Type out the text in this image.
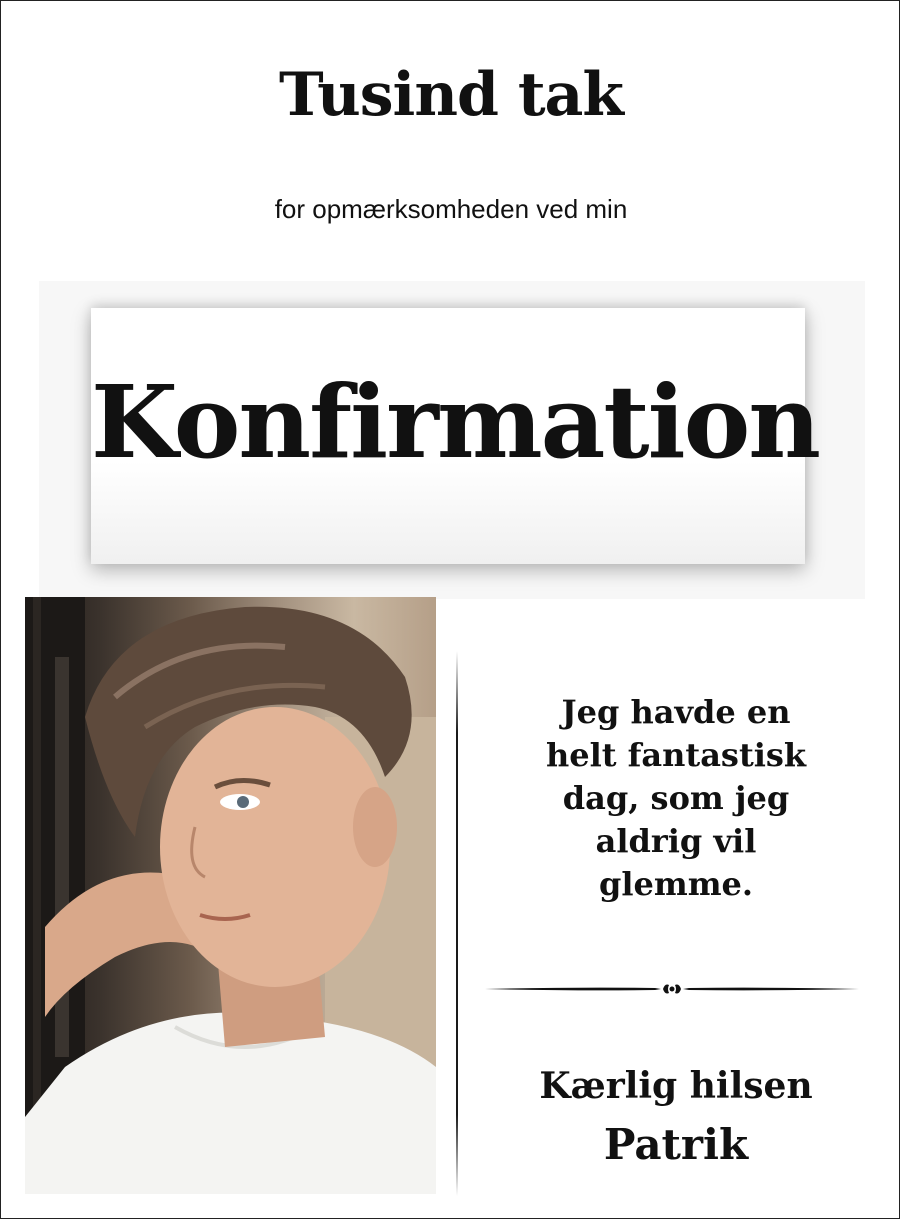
Tusind tak
for opmærksomheden ved min
Konfirmation
Jeg havde en
helt fantastisk
dag, som jeg
aldrig vil
glemme.
Kærlig hilsen
Patrik
